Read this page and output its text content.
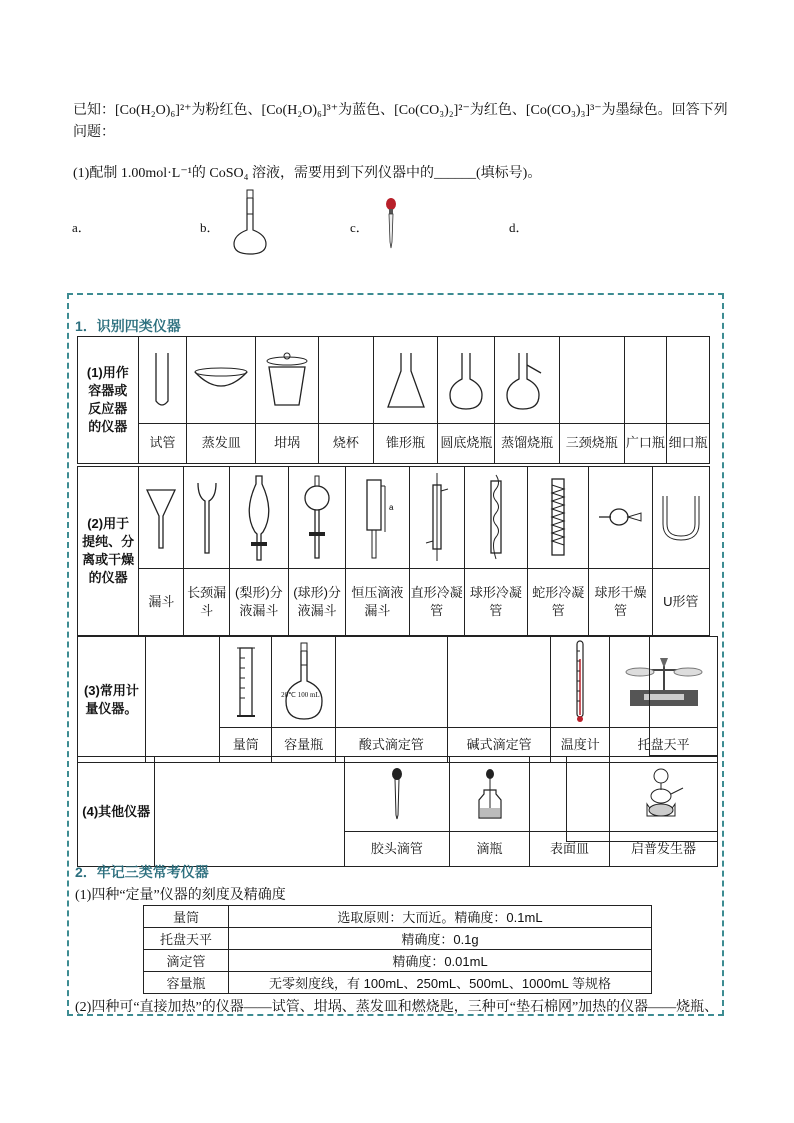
已知：[Co(H₂O)₆]²⁺为粉红色、[Co(H₂O)₆]³⁺为蓝色、[Co(CO₃)₂]²⁻为红色、[Co(CO₃)₃]³⁻为墨绿色。回答下列问题：
(1)配制 1.00mol·L⁻¹的 CoSO₄ 溶液，需要用到下列仪器中的______(填标号)。
a．	b．	c．	d．
1．识别四类仪器
(1)用作容器或反应器的仪器	

	试管	蒸发皿	坩埚	烧杯	锥形瓶	圆底烧瓶	蒸馏烧瓶	三颈烧瓶	广口瓶	细口瓶
(2)用于提纯、分离或干燥的仪器					a

	漏斗	长颈漏斗	(梨形)分液漏斗	(球形)分液漏斗	恒压滴液漏斗	直形冷凝管	球形冷凝管	蛇形冷凝管	球形干燥管	U形管
(3)常用计量仪器。			20℃ 100 mL

		量筒	容量瓶	酸式滴定管	碱式滴定管	温度计	托盘天平
(4)其他仪器		

		胶头滴管	滴瓶	表面皿	启普发生器
2．牢记三类常考仪器
(1)四种“定量”仪器的刻度及精确度
量筒	选取原则：大而近。精确度：0.1mL
托盘天平	精确度：0.1g
滴定管	精确度：0.01mL
容量瓶	无零刻度线，有 100mL、250mL、500mL、1000mL 等规格
(2)四种可“直接加热”的仪器——试管、坩埚、蒸发皿和燃烧匙，三种可“垫石棉网”加热的仪器——烧瓶、
